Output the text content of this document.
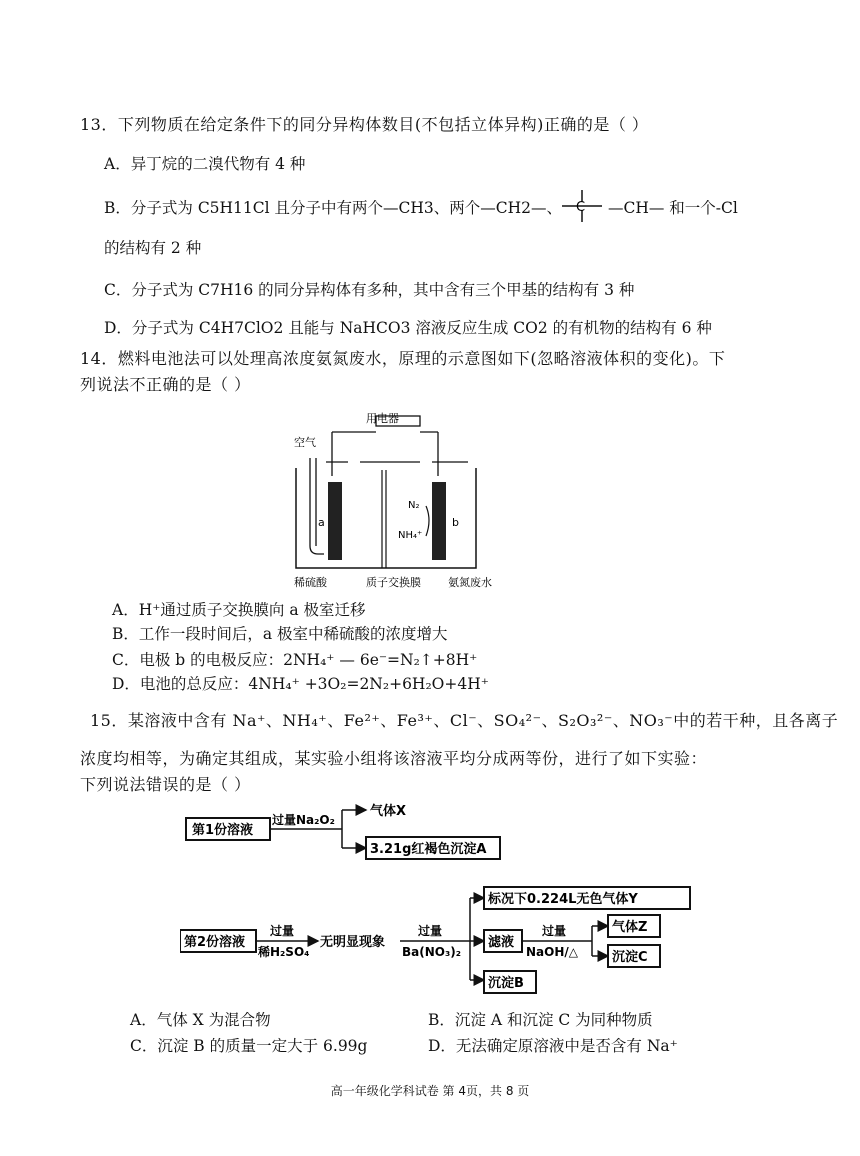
13．下列物质在给定条件下的同分异构体数目(不包括立体异构)正确的是（ ）
A．异丁烷的二溴代物有 4 种
B．分子式为 C5H11Cl 且分子中有两个—CH3、两个—CH2—、 C —CH— 和一个-Cl
的结构有 2 种
C．分子式为 C7H16 的同分异构体有多种，其中含有三个甲基的结构有 3 种
D．分子式为 C4H7ClO2 且能与 NaHCO3 溶液反应生成 CO2 的有机物的结构有 6 种
14．燃料电池法可以处理高浓度氨氮废水，原理的示意图如下(忽略溶液体积的变化)。下
列说法不正确的是（ ）
用电器
空气
a	b
N₂
NH₄⁺
稀硫酸	质子交换膜 氨氮废水
A．H⁺通过质子交换膜向 a 极室迁移
B．工作一段时间后，a 极室中稀硫酸的浓度增大
C．电极 b 的电极反应：2NH₄⁺ — 6e⁻=N₂↑+8H⁺
D．电池的总反应：4NH₄⁺ +3O₂=2N₂+6H₂O+4H⁺
15．某溶液中含有 Na⁺、NH₄⁺、Fe²⁺、Fe³⁺、Cl⁻、SO₄²⁻、S₂O₃²⁻、NO₃⁻中的若干种，且各离子
浓度均相等，为确定其组成，某实验小组将该溶液平均分成两等份，进行了如下实验：
下列说法错误的是（ ）
第1份溶液
过量Na₂O₂
气体X
3.21g红褐色沉淀A
第2份溶液
过量
稀H₂SO₄
无明显现象
过量
Ba(NO₃)₂
标况下0.224L无色气体Y
滤液
过量
NaOH/△
气体Z
沉淀C
沉淀B
A．气体 X 为混合物	B．沉淀 A 和沉淀 C 为同种物质
C．沉淀 B 的质量一定大于 6.99g	D．无法确定原溶液中是否含有 Na⁺
高一年级化学科试卷 第 4页，共 8 页
